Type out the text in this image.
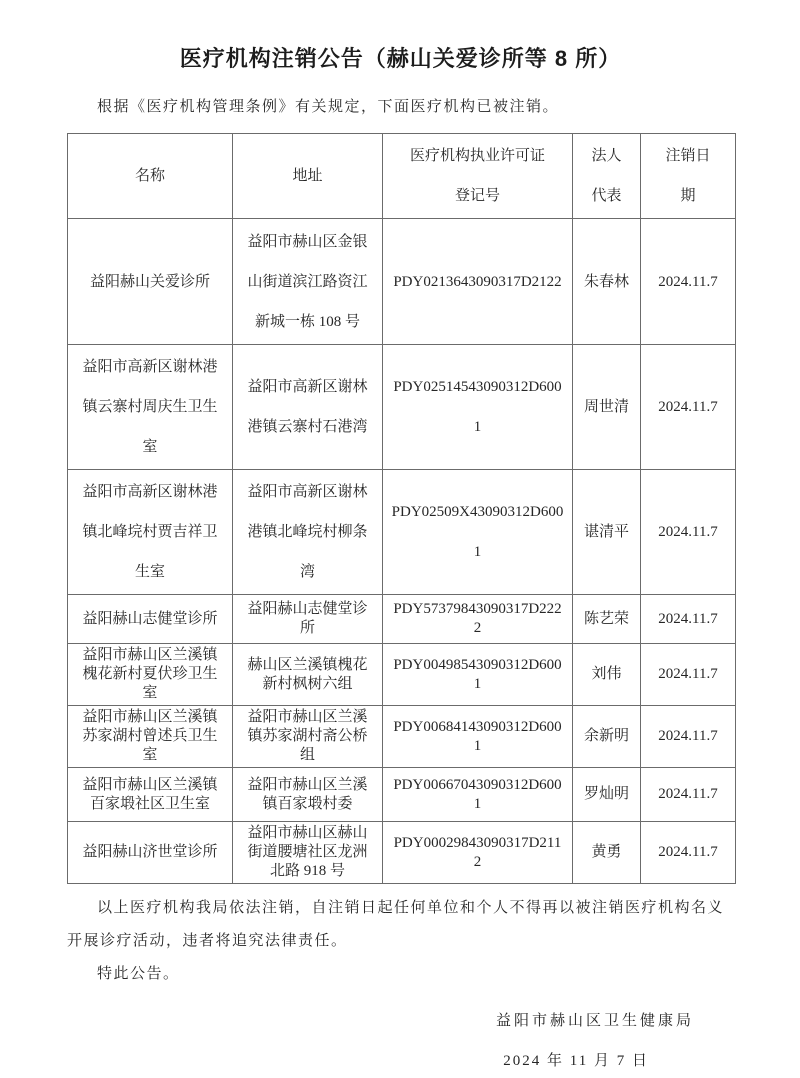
医疗机构注销公告（赫山关爱诊所等 8 所）

根据《医疗机构管理条例》有关规定，下面医疗机构已被注销。

名称	地址	医疗机构执业许可证登记号	法人代表	注销日期
益阳赫山关爱诊所	益阳市赫山区金银山街道滨江路资江新城一栋 108 号	PDY0213643090317D2122	朱春林	2024.11.7
益阳市高新区谢林港镇云寨村周庆生卫生室	益阳市高新区谢林港镇云寨村石港湾	PDY02514543090312D6001	周世清	2024.11.7
益阳市高新区谢林港镇北峰垸村贾吉祥卫生室	益阳市高新区谢林港镇北峰垸村柳条湾	PDY02509X43090312D6001	谌清平	2024.11.7
益阳赫山志健堂诊所	益阳赫山志健堂诊所	PDY57379843090317D2222	陈艺荣	2024.11.7
益阳市赫山区兰溪镇槐花新村夏伏珍卫生室	赫山区兰溪镇槐花新村枫树六组	PDY00498543090312D6001	刘伟	2024.11.7
益阳市赫山区兰溪镇苏家湖村曾述兵卫生室	益阳市赫山区兰溪镇苏家湖村斋公桥组	PDY00684143090312D6001	余新明	2024.11.7
益阳市赫山区兰溪镇百家塅社区卫生室	益阳市赫山区兰溪镇百家塅村委	PDY00667043090312D6001	罗灿明	2024.11.7
益阳赫山济世堂诊所	益阳市赫山区赫山街道腰塘社区龙洲北路 918 号	PDY00029843090317D2112	黄勇	2024.11.7

以上医疗机构我局依法注销，自注销日起任何单位和个人不得再以被注销医疗机构名义开展诊疗活动，违者将追究法律责任。

特此公告。

益阳市赫山区卫生健康局
2024 年 11 月 7 日
